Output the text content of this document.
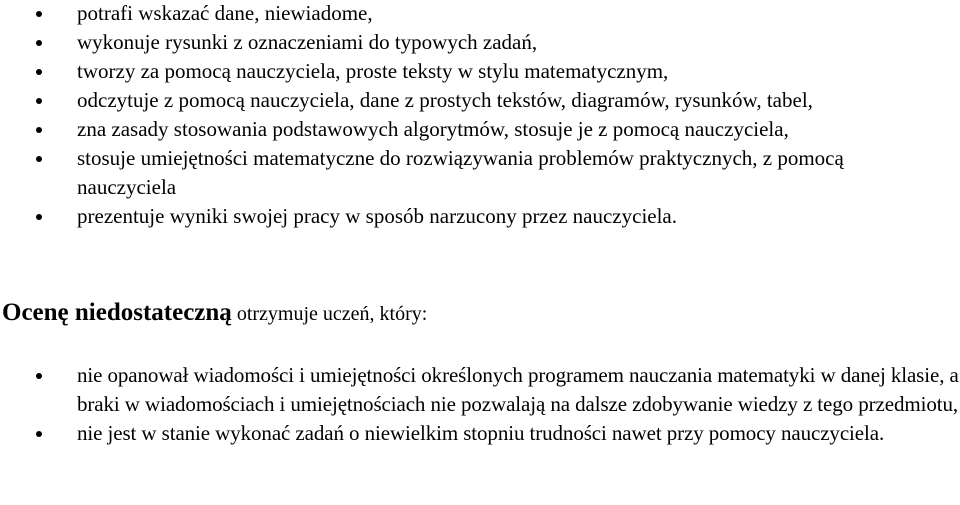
potrafi wskazać dane, niewiadome,
wykonuje rysunki z oznaczeniami do typowych zadań,
tworzy za pomocą nauczyciela, proste teksty w stylu matematycznym,
odczytuje z pomocą nauczyciela, dane z prostych tekstów, diagramów, rysunków, tabel,
zna zasady stosowania podstawowych algorytmów, stosuje je z pomocą nauczyciela,
stosuje umiejętności matematyczne do rozwiązywania problemów praktycznych, z pomocą nauczyciela
prezentuje wyniki swojej pracy w sposób narzucony przez nauczyciela.
Ocenę niedostateczną otrzymuje uczeń, który:
nie opanował wiadomości i umiejętności określonych programem nauczania matematyki w danej klasie, a braki w wiadomościach i umiejętnościach nie pozwalają na dalsze zdobywanie wiedzy z tego przedmiotu,
nie jest w stanie wykonać zadań o niewielkim stopniu trudności nawet przy pomocy nauczyciela.
